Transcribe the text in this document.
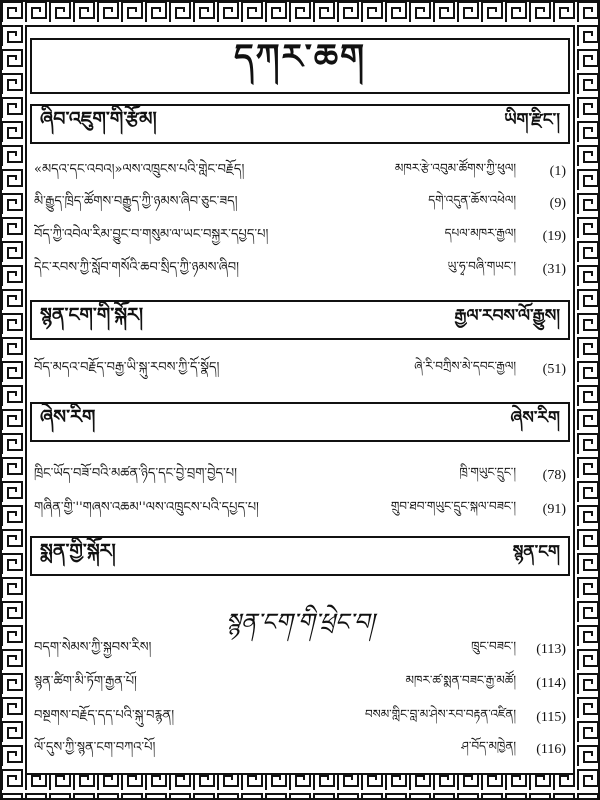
དཀར་ཆག
ཞིབ་འཇུག་གི་རྩོམ།	ཡིག་རྫིང་།
«མདའ་དང་འབའ།»ལས་འཁྲུངས་པའི་གླེང་བརྗོད།	མཁར་རྩེ་འབུམ་ཚོགས་ཀྱི་ཕུལ།	(1)
མི་རྒྱུད་ཁྲིད་ཚོགས་བརྒྱུད་ཀྱི་ཉམས་ཞིབ་ཅུང་ཟད།	དགེ་འདུན་ཆོས་འཕེལ།	(9)
བོད་ཀྱི་འབེལ་རིམ་བྱུང་བ་གསུམ་ལ་ཡང་བསྐྱར་དཔྱད་པ།	དཔལ་མཁར་རྒྱལ།	(19)
དེང་རབས་ཀྱི་སློབ་གསོའི་ཆབ་སྲིད་ཀྱི་ཉམས་ཞིབ།	ཡུ་ཧྭ་བཞི་གཡང་།	(31)
སྙན་ངག་གི་སྐོར།	རྒྱལ་རབས་ལོ་རྒྱུས།
བོད་མདའ་བརྗོད་བརྒྱ་ཡི་སྐུ་རབས་ཀྱི་དོ་སྣོད།	ཞེ་རི་བཀྲིས་མེ་དབང་རྒྱལ།	(51)
ཞེས་རིག	ཞེས་རིག
ཁྲིང་ཡོད་བཟོ་བའི་མཚན་ཉིད་དང་བྱེ་བྲག་བྱེད་པ།	ཁྲི་གཡུང་དྲུང་།	(78)
གཞིན་གྱི་''གཞས་འཆམ''ལས་འཁྲུངས་པའི་དཔྱད་པ།	གྲུབ་ཐབ་གཡུང་དྲུང་སྐལ་བཟང་།	(91)
སྨན་གྱི་སྐོར།	སྙན་ངག
སྙན་ངག་གི་ཕྲེང་བ།
བདག་སེམས་ཀྱི་སྐྱབས་རིས།	ཁྲུང་བཟང་།	(113)
སྙན་ཚིག་མི་ཏོག་རྒྱན་པོ།	མཁར་ཚ་སྨན་བཟང་རྒྱ་མཚོ།	(114)
བསྔགས་བརྗོད་དད་པའི་སྐུ་བརྙན།	བསམ་གླིང་བླ་མ་ཤེས་རབ་བརྟན་འཛིན།	(115)
ལོ་དུས་ཀྱི་སྙན་ངག་བཀའ་པོ།	ཤ་བོད་མཁྱེན།	(116)
